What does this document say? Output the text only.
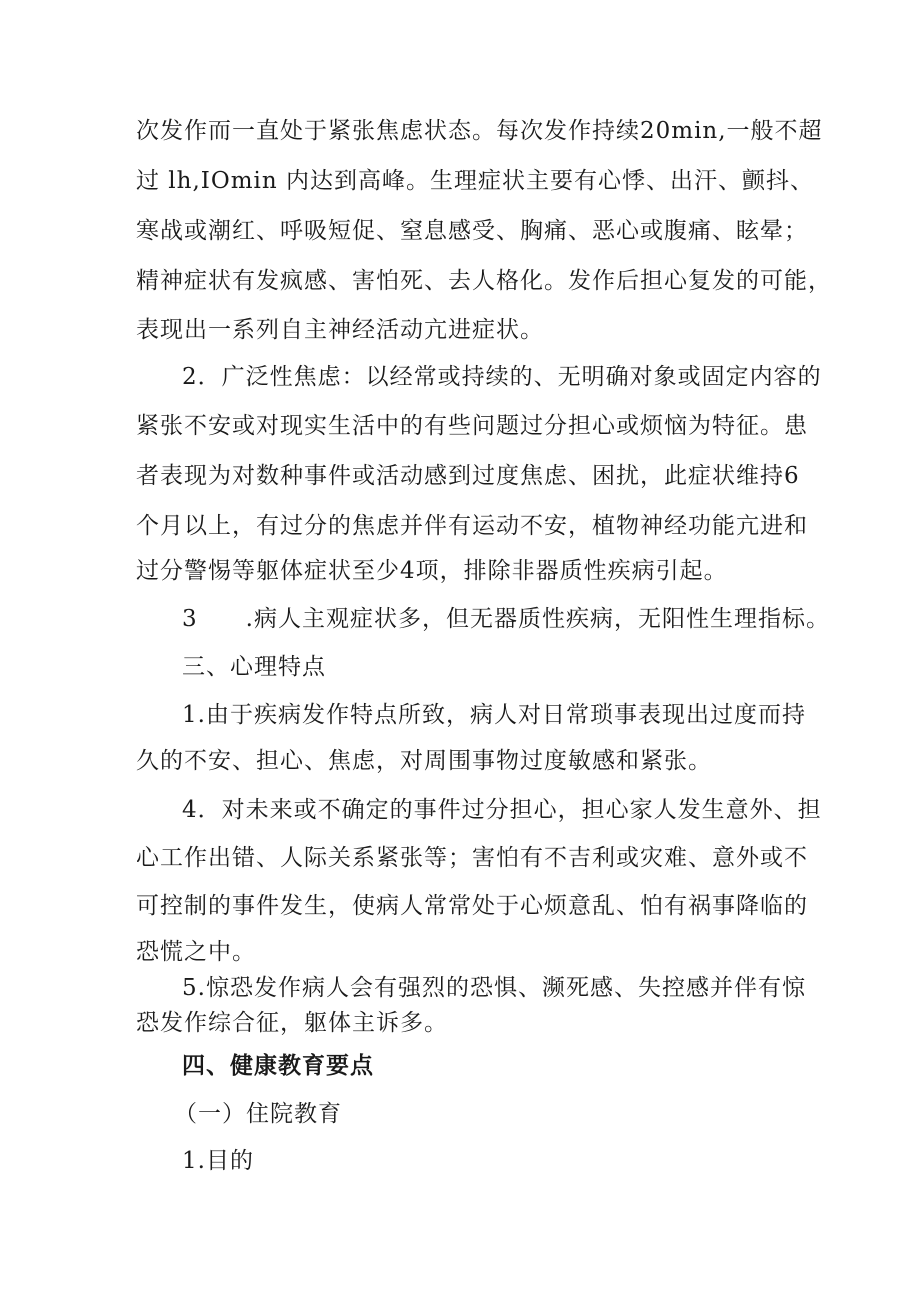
次发作而一直处于紧张焦虑状态。每次发作持续20min,一般不超
过 lh,IOmin 内达到高峰。生理症状主要有心悸、出汗、颤抖、
寒战或潮红、呼吸短促、窒息感受、胸痛、恶心或腹痛、眩晕；
精神症状有发疯感、害怕死、去人格化。发作后担心复发的可能，
表现出一系列自主神经活动亢进症状。
2．广泛性焦虑：以经常或持续的、无明确对象或固定内容的
紧张不安或对现实生活中的有些问题过分担心或烦恼为特征。患
者表现为对数种事件或活动感到过度焦虑、困扰，此症状维持6
个月以上，有过分的焦虑并伴有运动不安，植物神经功能亢进和
过分警惕等躯体症状至少4项，排除非器质性疾病引起。
3　　.病人主观症状多，但无器质性疾病，无阳性生理指标。
三、心理特点
1.由于疾病发作特点所致，病人对日常琐事表现出过度而持
久的不安、担心、焦虑，对周围事物过度敏感和紧张。
4．对未来或不确定的事件过分担心，担心家人发生意外、担
心工作出错、人际关系紧张等；害怕有不吉利或灾难、意外或不
可控制的事件发生，使病人常常处于心烦意乱、怕有祸事降临的
恐慌之中。
5.惊恐发作病人会有强烈的恐惧、濒死感、失控感并伴有惊
恐发作综合征，躯体主诉多。
四、健康教育要点
（一）住院教育
1.目的
